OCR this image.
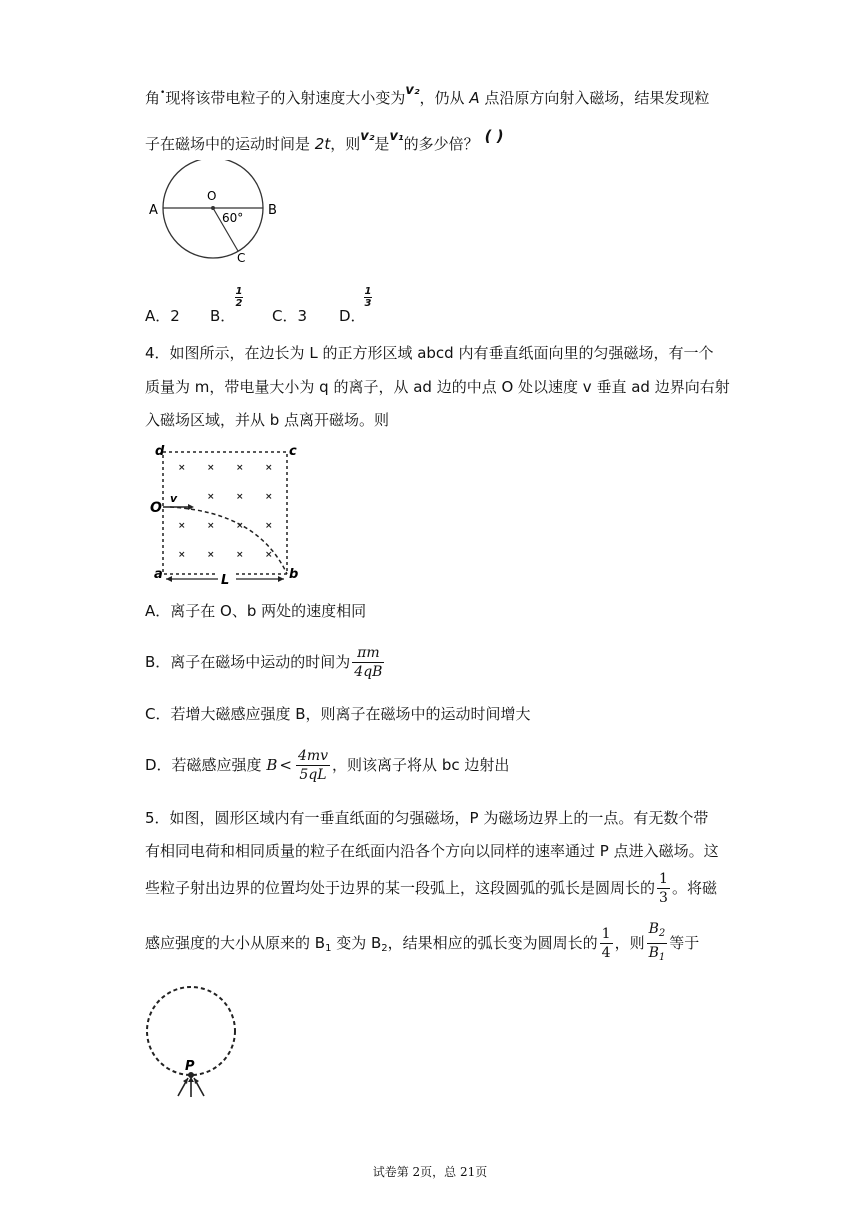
角•现将该带电粒子的入射速度大小变为v₂，仍从 A 点沿原方向射入磁场，结果发现粒
子在磁场中的运动时间是 2t，则v₂是v₁的多少倍？ ( )
A	B
O
C
60°
A．2 B．
1
2
C．3 D．
1
3
4．如图所示，在边长为 L 的正方形区域 abcd 内有垂直纸面向里的匀强磁场，有一个
质量为 m，带电量大小为 q 的离子，从 ad 边的中点 O 处以速度 v 垂直 ad 边界向右射
入磁场区域，并从 b 点离开磁场。则
× × × ×
× × ×
× × × ×
× × × ×
L
d	c
O
v
a	b
A．离子在 O、b 两处的速度相同
B．离子在磁场中运动的时间为 $\frac{\pi m}{4qB}$
C．若增大磁感应强度 B，则离子在磁场中的运动时间增大
D．若磁感应强度 $B < \frac{4mv}{5qL}$ ，则该离子将从 bc 边射出
5．如图，圆形区域内有一垂直纸面的匀强磁场，P 为磁场边界上的一点。有无数个带
有相同电荷和相同质量的粒子在纸面内沿各个方向以同样的速率通过 P 点进入磁场。这
些粒子射出边界的位置均处于边界的某一段弧上，这段圆弧的弧长是圆周长的 $\frac{1}{3}$ 。将磁
感应强度的大小从原来的 $B_1$ 变为 $B_2$，结果相应的弧长变为圆周长的 $\frac{1}{4}$ ，则 $\frac{B_2}{B_1}$ 等于
P
试卷第 2页，总 21页
